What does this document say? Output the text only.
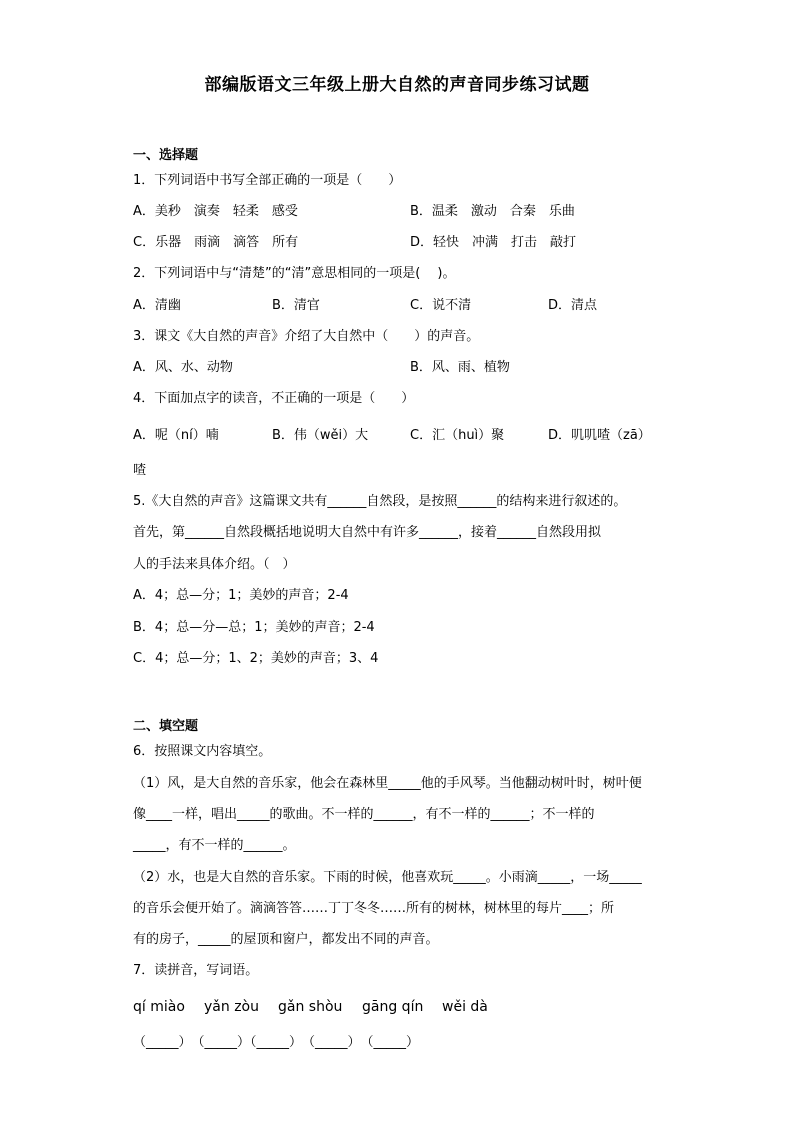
部编版语文三年级上册大自然的声音同步练习试题
一、选择题
1．下列词语中书写全部正确的一项是（　　）
A．美秒　演奏　轻柔　感受	B．温柔　激动　合秦　乐曲
C．乐器　雨滴　滴答　所有	D．轻快　冲满　打击　敲打
2．下列词语中与“清楚”的“清”意思相同的一项是(　 )。
A．清幽	B．清官	C．说不清	D．清点
3．课文《大自然的声音》介绍了大自然中（　　）的声音。
A．风、水、动物	B．风、雨、植物
4．下面加点字的读音，不正确的一项是（　　）
A．呢（ní）喃	B．伟（wěi）大	C．汇（huì）聚	D．叽叽喳（zā）
喳
5.《大自然的声音》这篇课文共有______自然段，是按照______的结构来进行叙述的。
首先，第______自然段概括地说明大自然中有许多______，接着______自然段用拟
人的手法来具体介绍。（　）
A．4；总—分；1；美妙的声音；2-4
B．4；总—分—总；1；美妙的声音；2-4
C．4；总—分；1、2；美妙的声音；3、4
二、填空题
6．按照课文内容填空。
（1）风，是大自然的音乐家，他会在森林里_____他的手风琴。当他翻动树叶时，树叶便
像____一样，唱出_____的歌曲。不一样的______，有不一样的______；不一样的
_____，有不一样的______。
（2）水，也是大自然的音乐家。下雨的时候，他喜欢玩_____。小雨滴_____，一场_____
的音乐会便开始了。滴滴答答……丁丁冬冬……所有的树林，树林里的每片____；所
有的房子，_____的屋顶和窗户，都发出不同的声音。
7．读拼音，写词语。
qí miào yǎn zòu gǎn shòu gāng qín wěi dà
（_____）　（_____）（_____）　（_____）　（_____）
